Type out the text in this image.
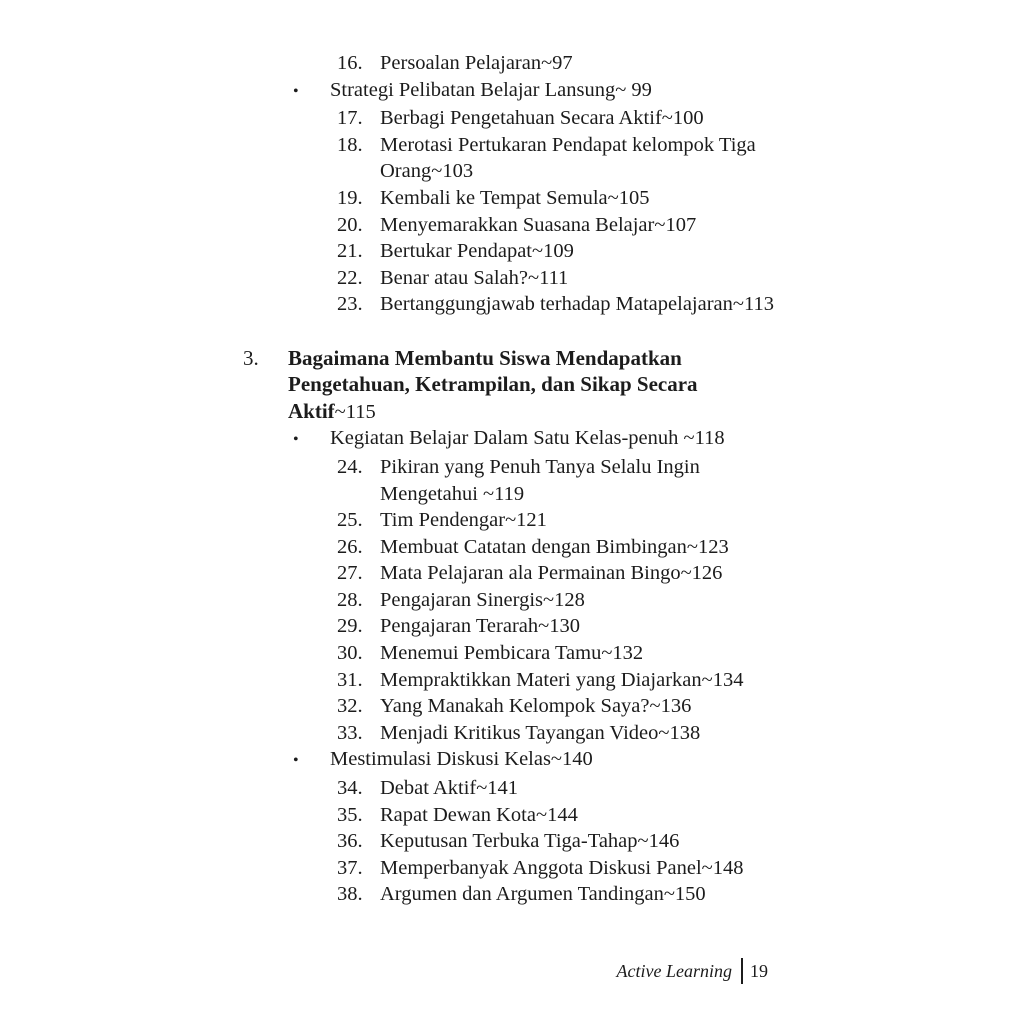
16. Persoalan Pelajaran~97
• Strategi Pelibatan Belajar Lansung~ 99
17. Berbagi Pengetahuan Secara Aktif~100
18. Merotasi Pertukaran Pendapat kelompok Tiga
Orang~103
19. Kembali ke Tempat Semula~105
20. Menyemarakkan Suasana Belajar~107
21. Bertukar Pendapat~109
22. Benar atau Salah?~111
23. Bertanggungjawab terhadap Matapelajaran~113
3. Bagaimana Membantu Siswa Mendapatkan
Pengetahuan, Ketrampilan, dan Sikap Secara
Aktif~115
• Kegiatan Belajar Dalam Satu Kelas-penuh ~118
24. Pikiran yang Penuh Tanya Selalu Ingin
Mengetahui ~119
25. Tim Pendengar~121
26. Membuat Catatan dengan Bimbingan~123
27. Mata Pelajaran ala Permainan Bingo~126
28. Pengajaran Sinergis~128
29. Pengajaran Terarah~130
30. Menemui Pembicara Tamu~132
31. Mempraktikkan Materi yang Diajarkan~134
32. Yang Manakah Kelompok Saya?~136
33. Menjadi Kritikus Tayangan Video~138
• Mestimulasi Diskusi Kelas~140
34. Debat Aktif~141
35. Rapat Dewan Kota~144
36. Keputusan Terbuka Tiga-Tahap~146
37. Memperbanyak Anggota Diskusi Panel~148
38. Argumen dan Argumen Tandingan~150
Active Learning 19
